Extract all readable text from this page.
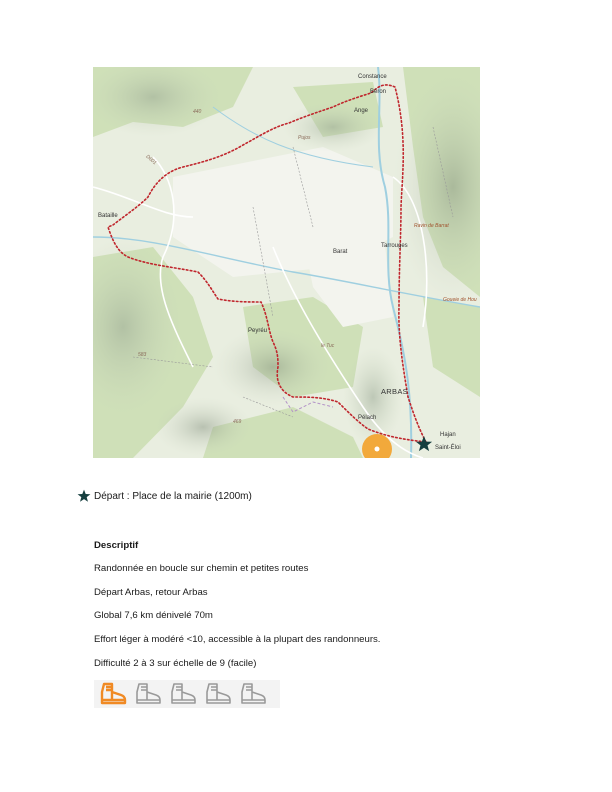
Constance
Béron
Ange
Bataille
Barat
Tarrouges
Peyréu
ARBAS
Pélach
Hajan
Saint-Éloi
Ravin de Barrat
Goueie de Hou
440
583
469
D601
Pujos
le Tuc
Départ : Place de la mairie (1200m)
Descriptif
Randonnée en boucle sur chemin et petites routes
Départ Arbas, retour Arbas
Global 7,6 km dénivelé 70m
Effort léger à modéré <10, accessible à la plupart des randonneurs.
Difficulté 2 à 3 sur échelle de 9 (facile)
